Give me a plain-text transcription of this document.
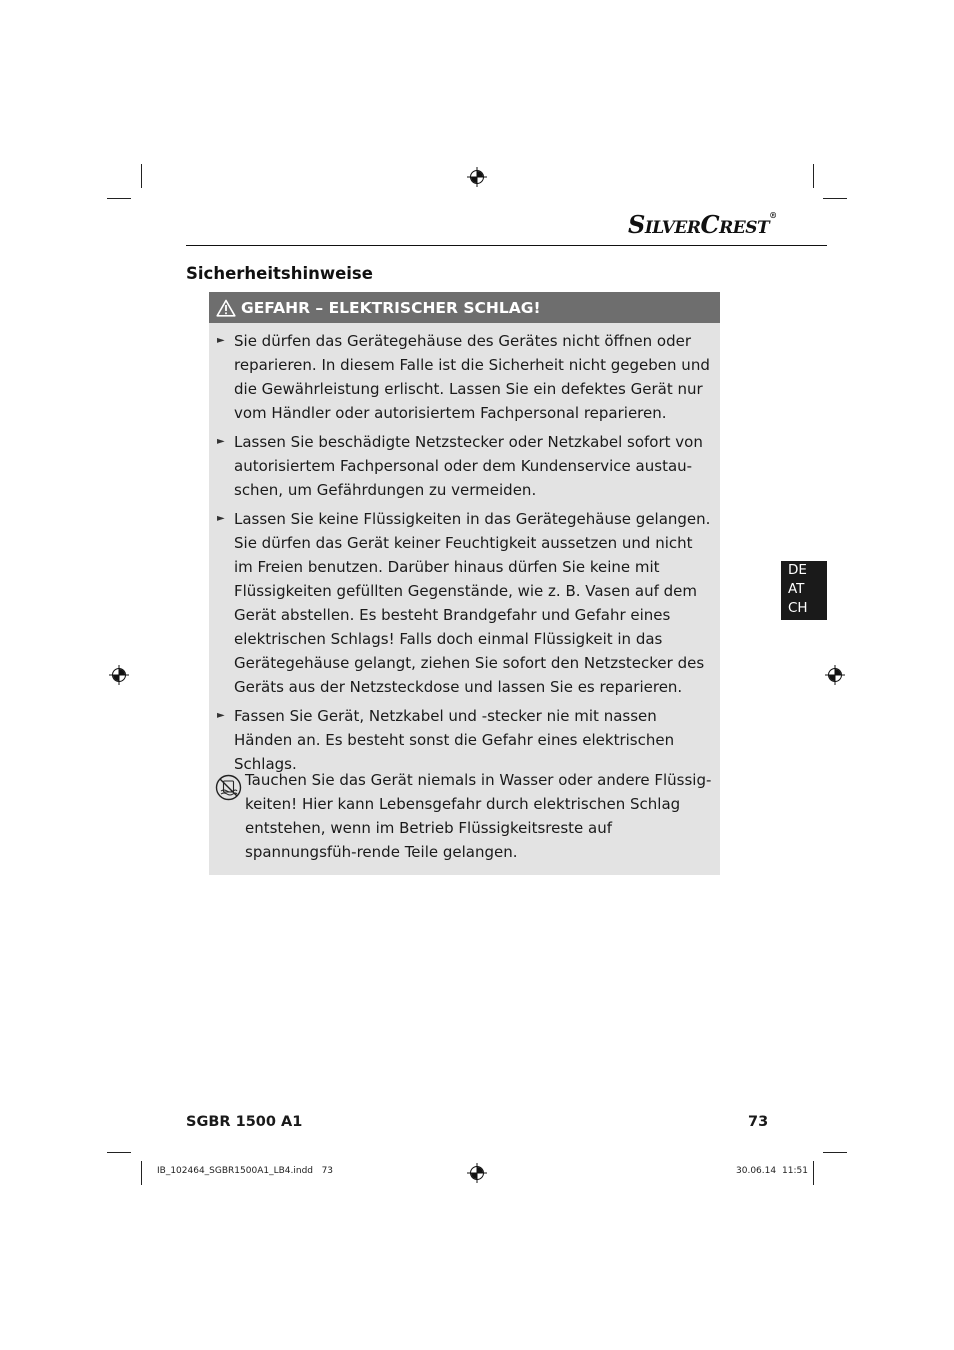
SILVERCREST®
Sicherheitshinweise
GEFAHR – ELEKTRISCHER SCHLAG!
► Sie dürfen das Gerätegehäuse des Gerätes nicht öffnen oder reparieren. In diesem Falle ist die Sicherheit nicht gegeben und die Gewährleistung erlischt. Lassen Sie ein defektes Gerät nur vom Händler oder autorisiertem Fachpersonal reparieren.
► Lassen Sie beschädigte Netzstecker oder Netzkabel sofort von autorisiertem Fachpersonal oder dem Kundenservice austau-schen, um Gefährdungen zu vermeiden.
► Lassen Sie keine Flüssigkeiten in das Gerätegehäuse gelangen. Sie dürfen das Gerät keiner Feuchtigkeit aussetzen und nicht im Freien benutzen. Darüber hinaus dürfen Sie keine mit Flüssigkeiten gefüllten Gegenstände, wie z. B. Vasen auf dem Gerät abstellen. Es besteht Brandgefahr und Gefahr eines elektrischen Schlags! Falls doch einmal Flüssigkeit in das Gerätegehäuse gelangt, ziehen Sie sofort den Netzstecker des Geräts aus der Netzsteckdose und lassen Sie es reparieren.
► Fassen Sie Gerät, Netzkabel und -stecker nie mit nassen Händen an. Es besteht sonst die Gefahr eines elektrischen Schlags.
Tauchen Sie das Gerät niemals in Wasser oder andere Flüssig-keiten! Hier kann Lebensgefahr durch elektrischen Schlag entstehen, wenn im Betrieb Flüssigkeitsreste auf spannungsfüh-rende Teile gelangen.
DE
AT
CH
SGBR 1500 A1	73
IB_102464_SGBR1500A1_LB4.indd   73	30.06.14 11:51
